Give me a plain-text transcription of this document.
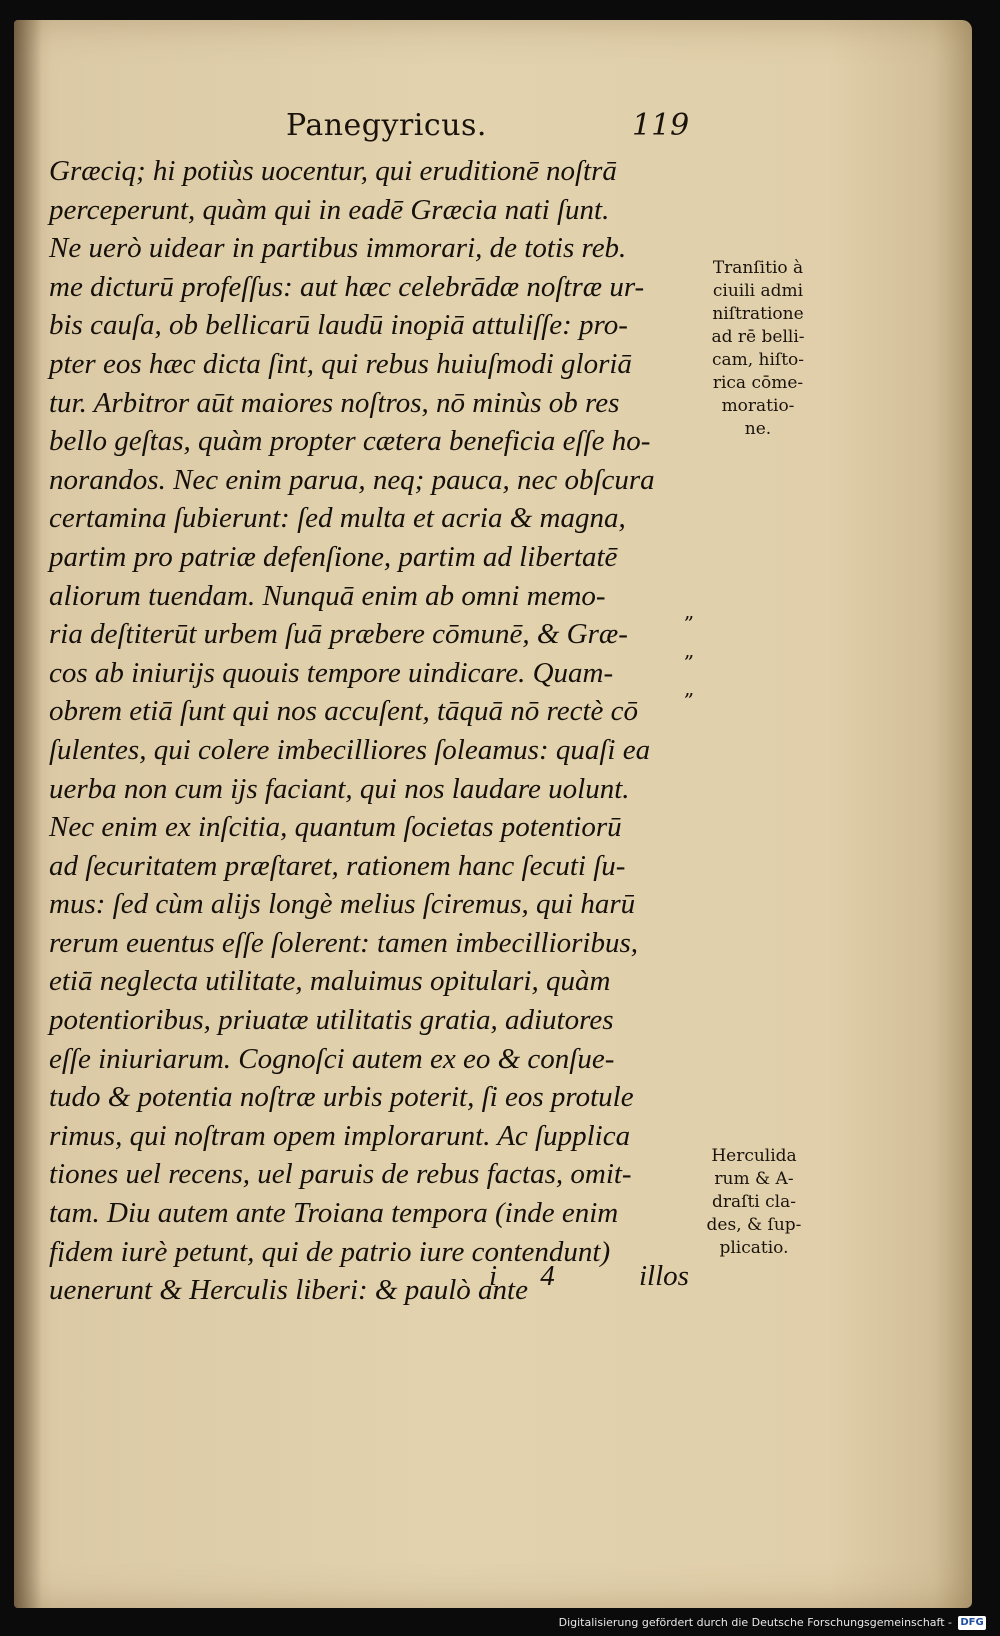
Panegyricus.	119
Græciq; hi potiùs uocentur, qui eruditionē noſtrā
perceperunt, quàm qui in eadē Græcia nati ſunt.
Ne uerò uidear in partibus immorari, de totis reb.
me dicturū profeſſus: aut hæc celebrādæ noſtræ ur-
bis cauſa, ob bellicarū laudū inopiā attuliſſe: pro-
pter eos hæc dicta ſint, qui rebus huiuſmodi gloriā
tur. Arbitror aūt maiores noſtros, nō minùs ob res
bello geſtas, quàm propter cætera beneficia eſſe ho-
norandos. Nec enim parua, neq; pauca, nec obſcura
certamina ſubierunt: ſed multa et acria & magna,
partim pro patriæ defenſione, partim ad libertatē
aliorum tuendam. Nunquā enim ab omni memo-
ria deſtiterūt urbem ſuā præbere cōmunē, & Græ-
cos ab iniurijs quouis tempore uindicare. Quam-
obrem etiā ſunt qui nos accuſent, tāquā nō rectè cō
ſulentes, qui colere imbecilliores ſoleamus: quaſi ea
uerba non cum ijs faciant, qui nos laudare uolunt.
Nec enim ex inſcitia, quantum ſocietas potentiorū
ad ſecuritatem præſtaret, rationem hanc ſecuti ſu-
mus: ſed cùm alijs longè melius ſciremus, qui harū
rerum euentus eſſe ſolerent: tamen imbecillioribus,
etiā neglecta utilitate, maluimus opitulari, quàm
potentioribus, priuatæ utilitatis gratia, adiutores
eſſe iniuriarum. Cognoſci autem ex eo & conſue-
tudo & potentia noſtræ urbis poterit, ſi eos protule
rimus, qui noſtram opem implorarunt. Ac ſupplica
tiones uel recens, uel paruis de rebus factas, omit-
tam. Diu autem ante Troiana tempora (inde enim
fidem iurè petunt, qui de patrio iure contendunt)
uenerunt & Herculis liberi: & paulò ante
Tranſitio à
ciuili admi
niſtratione
ad rē belli-
cam, hiſto-
rica cōme-
moratio-
ne.
„
„
„
Herculida
rum & A-
draſti cla-
des, & ſup-
plicatio.
i 4 illos
Digitalisierung gefördert durch die Deutsche Forschungsgemeinschaft - DFG
